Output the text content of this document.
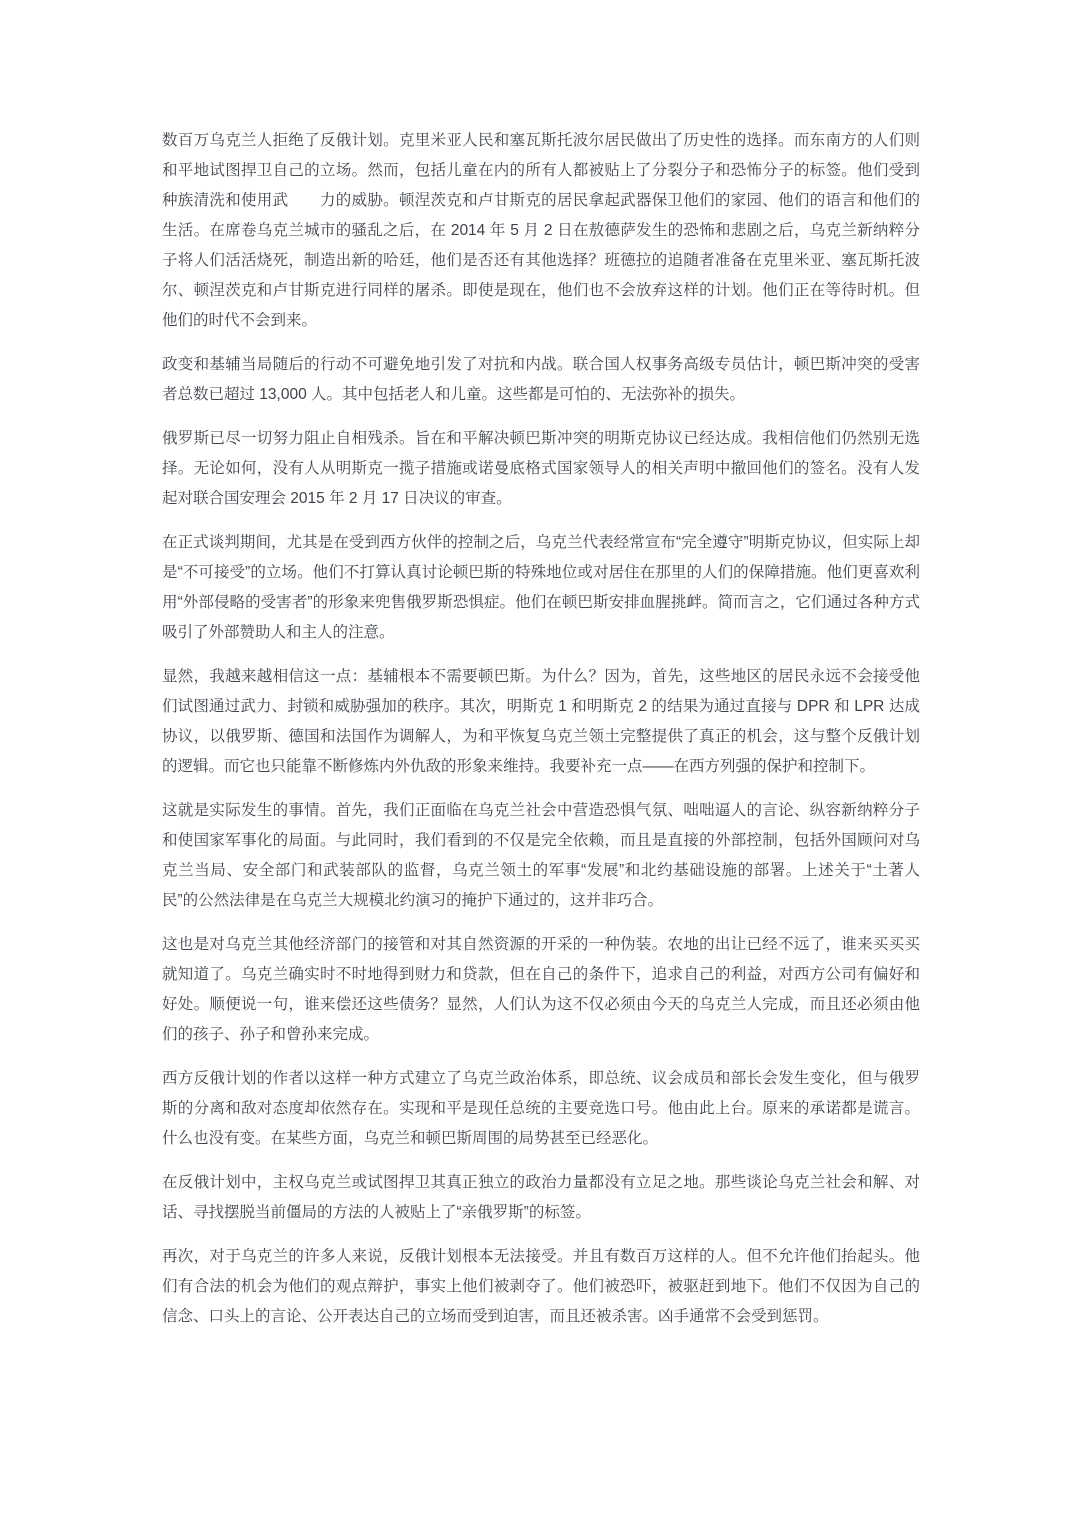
数百万乌克兰人拒绝了反俄计划。克里米亚人民和塞瓦斯托波尔居民做出了历史性的选择。而东南方的人们则和平地试图捍卫自己的立场。然而，包括儿童在内的所有人都被贴上了分裂分子和恐怖分子的标签。他们受到种族清洗和使用武　　力的威胁。顿涅茨克和卢甘斯克的居民拿起武器保卫他们的家园、他们的语言和他们的生活。在席卷乌克兰城市的骚乱之后，在 2014 年 5 月 2 日在敖德萨发生的恐怖和悲剧之后，乌克兰新纳粹分子将人们活活烧死，制造出新的哈廷，他们是否还有其他选择？班德拉的追随者准备在克里米亚、塞瓦斯托波尔、顿涅茨克和卢甘斯克进行同样的屠杀。即使是现在，他们也不会放弃这样的计划。他们正在等待时机。但他们的时代不会到来。

政变和基辅当局随后的行动不可避免地引发了对抗和内战。联合国人权事务高级专员估计，顿巴斯冲突的受害者总数已超过 13,000 人。其中包括老人和儿童。这些都是可怕的、无法弥补的损失。

俄罗斯已尽一切努力阻止自相残杀。旨在和平解决顿巴斯冲突的明斯克协议已经达成。我相信他们仍然别无选择。无论如何，没有人从明斯克一揽子措施或诺曼底格式国家领导人的相关声明中撤回他们的签名。没有人发起对联合国安理会 2015 年 2 月 17 日决议的审查。

在正式谈判期间，尤其是在受到西方伙伴的控制之后，乌克兰代表经常宣布“完全遵守”明斯克协议，但实际上却是“不可接受”的立场。他们不打算认真讨论顿巴斯的特殊地位或对居住在那里的人们的保障措施。他们更喜欢利用“外部侵略的受害者”的形象来兜售俄罗斯恐惧症。他们在顿巴斯安排血腥挑衅。简而言之，它们通过各种方式吸引了外部赞助人和主人的注意。

显然，我越来越相信这一点：基辅根本不需要顿巴斯。为什么？因为，首先，这些地区的居民永远不会接受他们试图通过武力、封锁和威胁强加的秩序。其次，明斯克 1 和明斯克 2 的结果为通过直接与 DPR 和 LPR 达成协议，以俄罗斯、德国和法国作为调解人，为和平恢复乌克兰领土完整提供了真正的机会，这与整个反俄计划的逻辑。而它也只能靠不断修炼内外仇敌的形象来维持。我要补充一点——在西方列强的保护和控制下。

这就是实际发生的事情。首先，我们正面临在乌克兰社会中营造恐惧气氛、咄咄逼人的言论、纵容新纳粹分子和使国家军事化的局面。与此同时，我们看到的不仅是完全依赖，而且是直接的外部控制，包括外国顾问对乌克兰当局、安全部门和武装部队的监督，乌克兰领土的军事“发展”和北约基础设施的部署。上述关于“土著人民”的公然法律是在乌克兰大规模北约演习的掩护下通过的，这并非巧合。

这也是对乌克兰其他经济部门的接管和对其自然资源的开采的一种伪装。农地的出让已经不远了，谁来买买买就知道了。乌克兰确实时不时地得到财力和贷款，但在自己的条件下，追求自己的利益，对西方公司有偏好和好处。顺便说一句，谁来偿还这些债务？显然，人们认为这不仅必须由今天的乌克兰人完成，而且还必须由他们的孩子、孙子和曾孙来完成。

西方反俄计划的作者以这样一种方式建立了乌克兰政治体系，即总统、议会成员和部长会发生变化，但与俄罗斯的分离和敌对态度却依然存在。实现和平是现任总统的主要竞选口号。他由此上台。原来的承诺都是谎言。什么也没有变。在某些方面，乌克兰和顿巴斯周围的局势甚至已经恶化。

在反俄计划中，主权乌克兰或试图捍卫其真正独立的政治力量都没有立足之地。那些谈论乌克兰社会和解、对话、寻找摆脱当前僵局的方法的人被贴上了“亲俄罗斯”的标签。

再次，对于乌克兰的许多人来说，反俄计划根本无法接受。并且有数百万这样的人。但不允许他们抬起头。他们有合法的机会为他们的观点辩护，事实上他们被剥夺了。他们被恐吓，被驱赶到地下。他们不仅因为自己的信念、口头上的言论、公开表达自己的立场而受到迫害，而且还被杀害。凶手通常不会受到惩罚。
